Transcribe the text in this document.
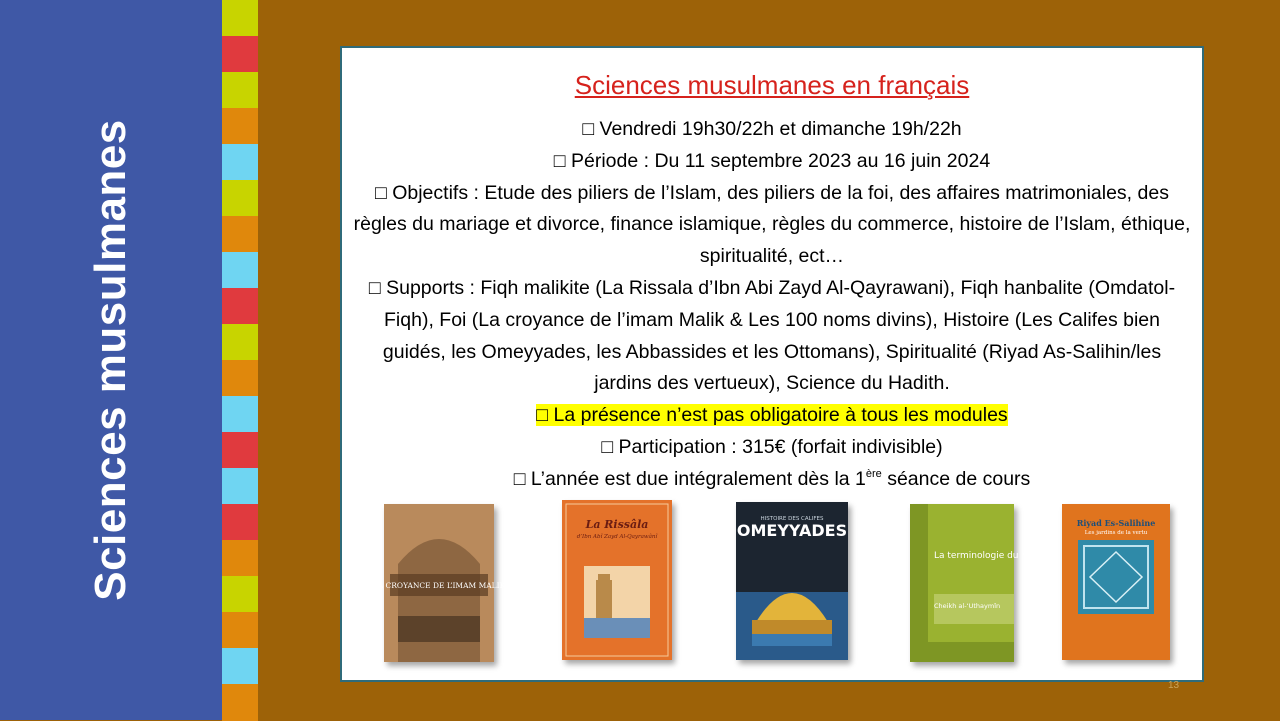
Sciences musulmanes
Sciences musulmanes en français

□ Vendredi 19h30/22h et dimanche 19h/22h

□ Période : Du 11 septembre 2023 au 16 juin 2024

□ Objectifs : Etude des piliers de l’Islam, des piliers de la foi, des affaires matrimoniales, des règles du mariage et divorce, finance islamique, règles du commerce, histoire de l’Islam, éthique, spiritualité, ect…

□ Supports : Fiqh malikite (La Rissala d’Ibn Abi Zayd Al-Qayrawani), Fiqh hanbalite (Omdatol-Fiqh), Foi (La croyance de l’imam Malik & Les 100 noms divins), Histoire (Les Califes bien guidés, les Omeyyades, les Abbassides et les Ottomans), Spiritualité (Riyad As-Salihin/les jardins des vertueux), Science du Hadith.

□ La présence n’est pas obligatoire à tous les modules

□ Participation : 315€ (forfait indivisible)

□ L’année est due intégralement dès la 1ère séance de cours

LA CROYANCE DE L’IMAM MALIK
La Rissâla
d’Ibn Abî Zayd Al-Qayrawânî
HISTOIRE DES CALIFES
OMEYYADES
La terminologie du hadith
Cheikh al-‘Uthaymîn
Riyad Es-Salihine
Les jardins de la vertu
13
